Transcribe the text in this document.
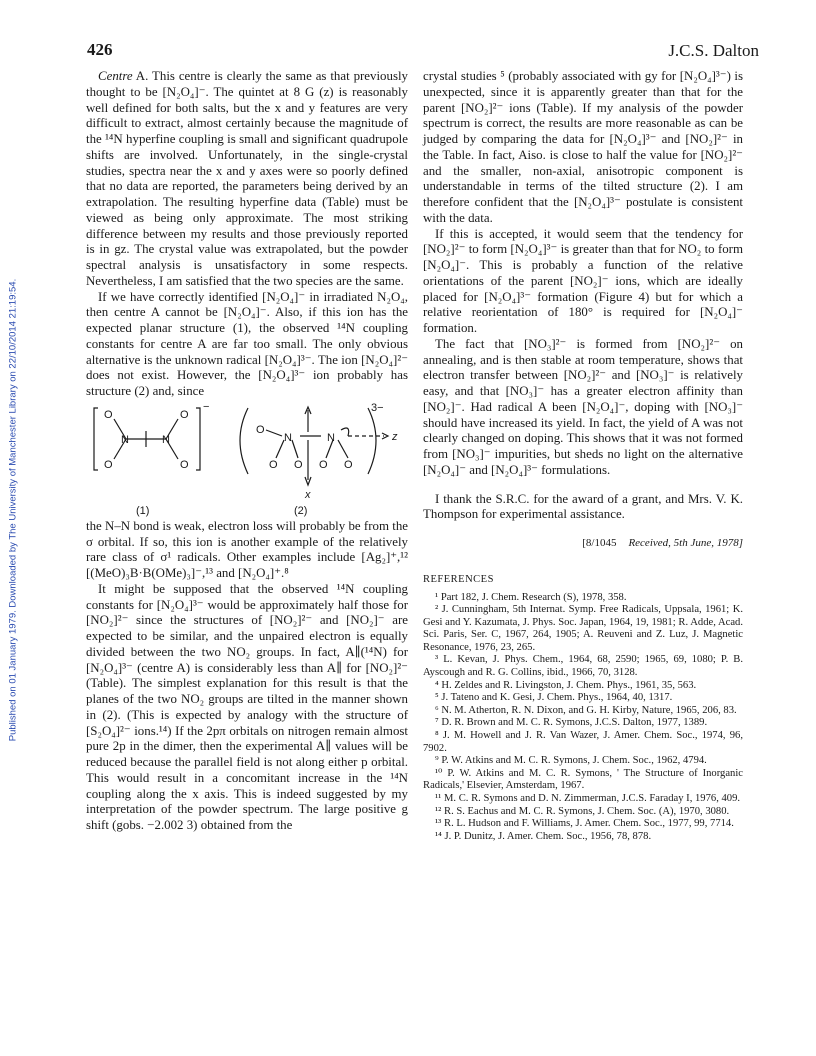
Published on 01 January 1979. Downloaded by The University of Manchester Library on 22/10/2014 21:19:54.
426	J.C.S. Dalton

Centre A. This centre is clearly the same as that previously thought to be [N₂O₄]⁻. The quintet at 8 G (z) is reasonably well defined for both salts, but the x and y features are very difficult to extract, almost certainly because the magnitude of the ¹⁴N hyperfine coupling is small and significant quadrupole shifts are involved. Unfortunately, in the single-crystal studies, spectra near the x and y axes were so poorly defined that no data are reported, the parameters being derived by an extrapolation. The resulting hyperfine data (Table) must be viewed as being only approximate. The most striking difference between my results and those previously reported is in gz. The crystal value was extrapolated, but the powder spectral analysis is unsatisfactory in some respects. Nevertheless, I am satisfied that the two species are the same.

If we have correctly identified [N₂O₄]⁻ in irradiated N₂O₄, then centre A cannot be [N₂O₄]⁻. Also, if this ion has the expected planar structure (1), the observed ¹⁴N coupling constants for centre A are far too small. The only obvious alternative is the unknown radical [N₂O₄]³⁻. The ion [N₂O₄]²⁻ does not exist. However, the [N₂O₄]³⁻ ion probably has structure (2) and, since

O
O
N	N
O
O
−
O
N	N
O O O O
3−
z
x
(1)	(2)

the N–N bond is weak, electron loss will probably be from the σ orbital. If so, this ion is another example of the relatively rare class of σ¹ radicals. Other examples include [Ag₂]⁺,¹² [(MeO)₃B·B(OMe)₃]⁻,¹³ and [N₂O₄]⁺.⁸

It might be supposed that the observed ¹⁴N coupling constants for [N₂O₄]³⁻ would be approximately half those for [NO₂]²⁻ since the structures of [NO₂]²⁻ and [NO₂]⁻ are expected to be similar, and the unpaired electron is equally divided between the two NO₂ groups. In fact, A∥(¹⁴N) for [N₂O₄]³⁻ (centre A) is considerably less than A∥ for [NO₂]²⁻ (Table). The simplest explanation for this result is that the planes of the two NO₂ groups are tilted in the manner shown in (2). (This is expected by analogy with the structure of [S₂O₄]²⁻ ions.¹⁴) If the 2pπ orbitals on nitrogen remain almost pure 2p in the dimer, then the experimental A∥ values will be reduced because the parallel field is not along either p orbital. This would result in a concomitant increase in the ¹⁴N coupling along the x axis. This is indeed suggested by my interpretation of the powder spectrum. The large positive g shift (gobs. −2.002 3) obtained from the

crystal studies ⁵ (probably associated with gy for [N₂O₄]³⁻) is unexpected, since it is apparently greater than that for the parent [NO₂]²⁻ ions (Table). If my analysis of the powder spectrum is correct, the results are more reasonable as can be judged by comparing the data for [N₂O₄]³⁻ and [NO₂]²⁻ in the Table. In fact, Aiso. is close to half the value for [NO₂]²⁻ and the smaller, non-axial, anisotropic component is understandable in terms of the tilted structure (2). I am therefore confident that the [N₂O₄]³⁻ postulate is consistent with the data.

If this is accepted, it would seem that the tendency for [NO₂]²⁻ to form [N₂O₄]³⁻ is greater than that for NO₂ to form [N₂O₄]⁻. This is probably a function of the relative orientations of the parent [NO₂]⁻ ions, which are ideally placed for [N₂O₄]³⁻ formation (Figure 4) but for which a relative reorientation of 180° is required for [N₂O₄]⁻ formation.

The fact that [NO₃]²⁻ is formed from [NO₂]²⁻ on annealing, and is then stable at room temperature, shows that electron transfer between [NO₂]²⁻ and [NO₃]⁻ is relatively easy, and that [NO₃]⁻ has a greater electron affinity than [NO₂]⁻. Had radical A been [N₂O₄]⁻, doping with [NO₃]⁻ should have increased its yield. In fact, the yield of A was not clearly changed on doping. This shows that it was not formed from [NO₃]⁻ impurities, but sheds no light on the alternative [N₂O₄]⁻ and [N₂O₄]³⁻ formulations.

I thank the S.R.C. for the award of a grant, and Mrs. V. K. Thompson for experimental assistance.

[8/1045 Received, 5th June, 1978]
REFERENCES

¹ Part 182, J. Chem. Research (S), 1978, 358.

² J. Cunningham, 5th Internat. Symp. Free Radicals, Uppsala, 1961; K. Gesi and Y. Kazumata, J. Phys. Soc. Japan, 1964, 19, 1981; R. Adde, Acad. Sci. Paris, Ser. C, 1967, 264, 1905; A. Reuveni and Z. Luz, J. Magnetic Resonance, 1976, 23, 265.

³ L. Kevan, J. Phys. Chem., 1964, 68, 2590; 1965, 69, 1080; P. B. Ayscough and R. G. Collins, ibid., 1966, 70, 3128.

⁴ H. Zeldes and R. Livingston, J. Chem. Phys., 1961, 35, 563.

⁵ J. Tateno and K. Gesi, J. Chem. Phys., 1964, 40, 1317.

⁶ N. M. Atherton, R. N. Dixon, and G. H. Kirby, Nature, 1965, 206, 83.

⁷ D. R. Brown and M. C. R. Symons, J.C.S. Dalton, 1977, 1389.

⁸ J. M. Howell and J. R. Van Wazer, J. Amer. Chem. Soc., 1974, 96, 7902.

⁹ P. W. Atkins and M. C. R. Symons, J. Chem. Soc., 1962, 4794.

¹⁰ P. W. Atkins and M. C. R. Symons, ' The Structure of Inorganic Radicals,' Elsevier, Amsterdam, 1967.

¹¹ M. C. R. Symons and D. N. Zimmerman, J.C.S. Faraday I, 1976, 409.

¹² R. S. Eachus and M. C. R. Symons, J. Chem. Soc. (A), 1970, 3080.

¹³ R. L. Hudson and F. Williams, J. Amer. Chem. Soc., 1977, 99, 7714.

¹⁴ J. P. Dunitz, J. Amer. Chem. Soc., 1956, 78, 878.
